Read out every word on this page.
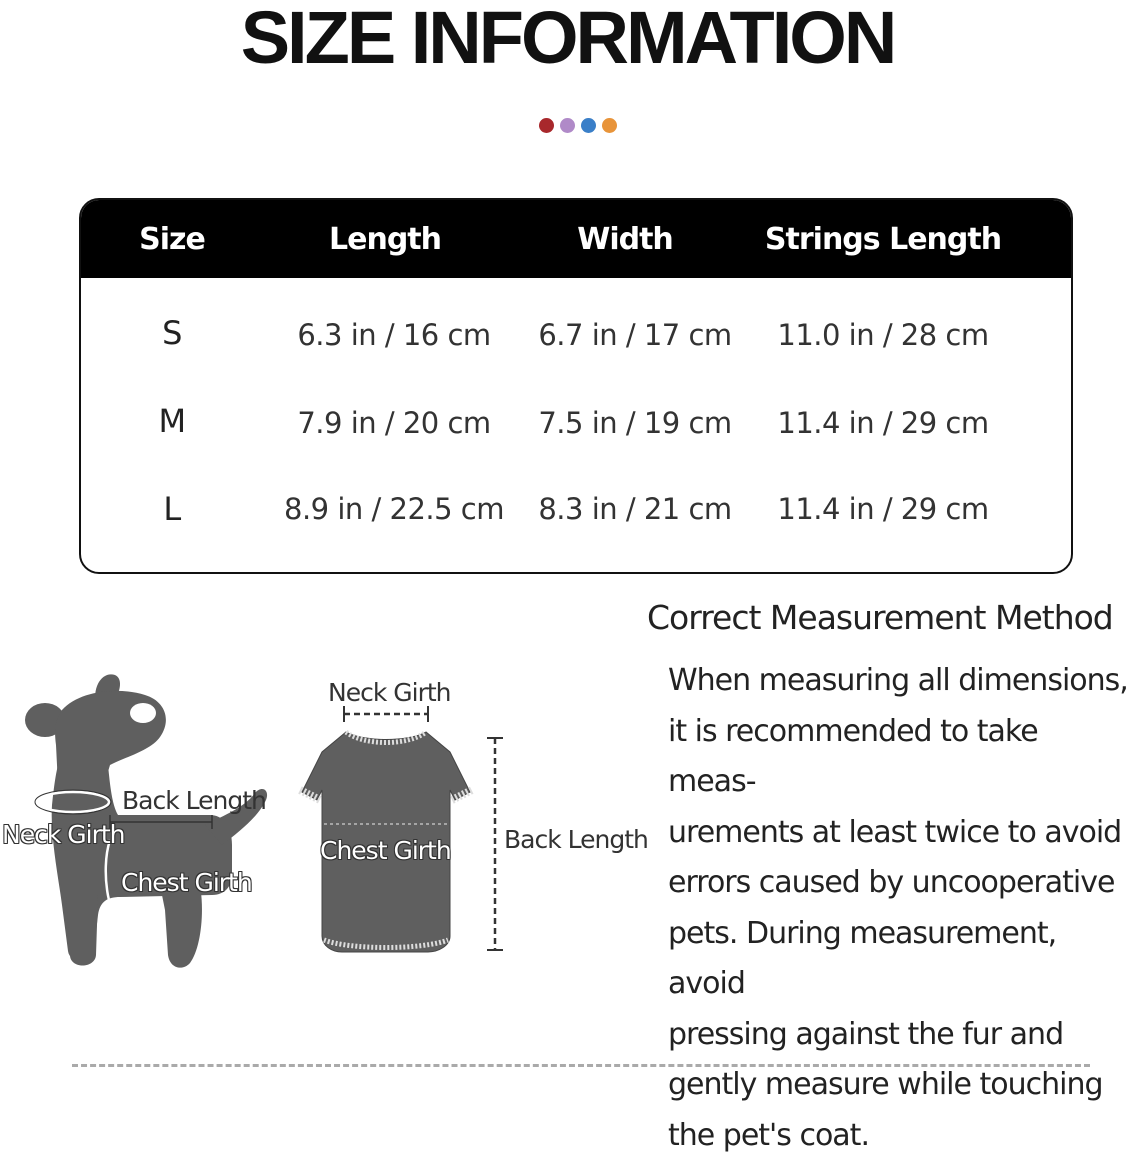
SIZE INFORMATION
Size	Length	Width	Strings Length
S	6.3 in / 16 cm 6.7 in / 17 cm 11.0 in / 28 cm
M	7.9 in / 20 cm 7.5 in / 19 cm 11.4 in / 29 cm
L	8.9 in / 22.5 cm 8.3 in / 21 cm 11.4 in / 29 cm
Back Length
Neck Girth
Chest Girth
Neck Girth
Chest Girth Back Length
Correct Measurement Method
When measuring all dimensions,
it is recommended to take meas-
urements at least twice to avoid
errors caused by uncooperative
pets. During measurement, avoid
pressing against the fur and
gently measure while touching
the pet's coat.
